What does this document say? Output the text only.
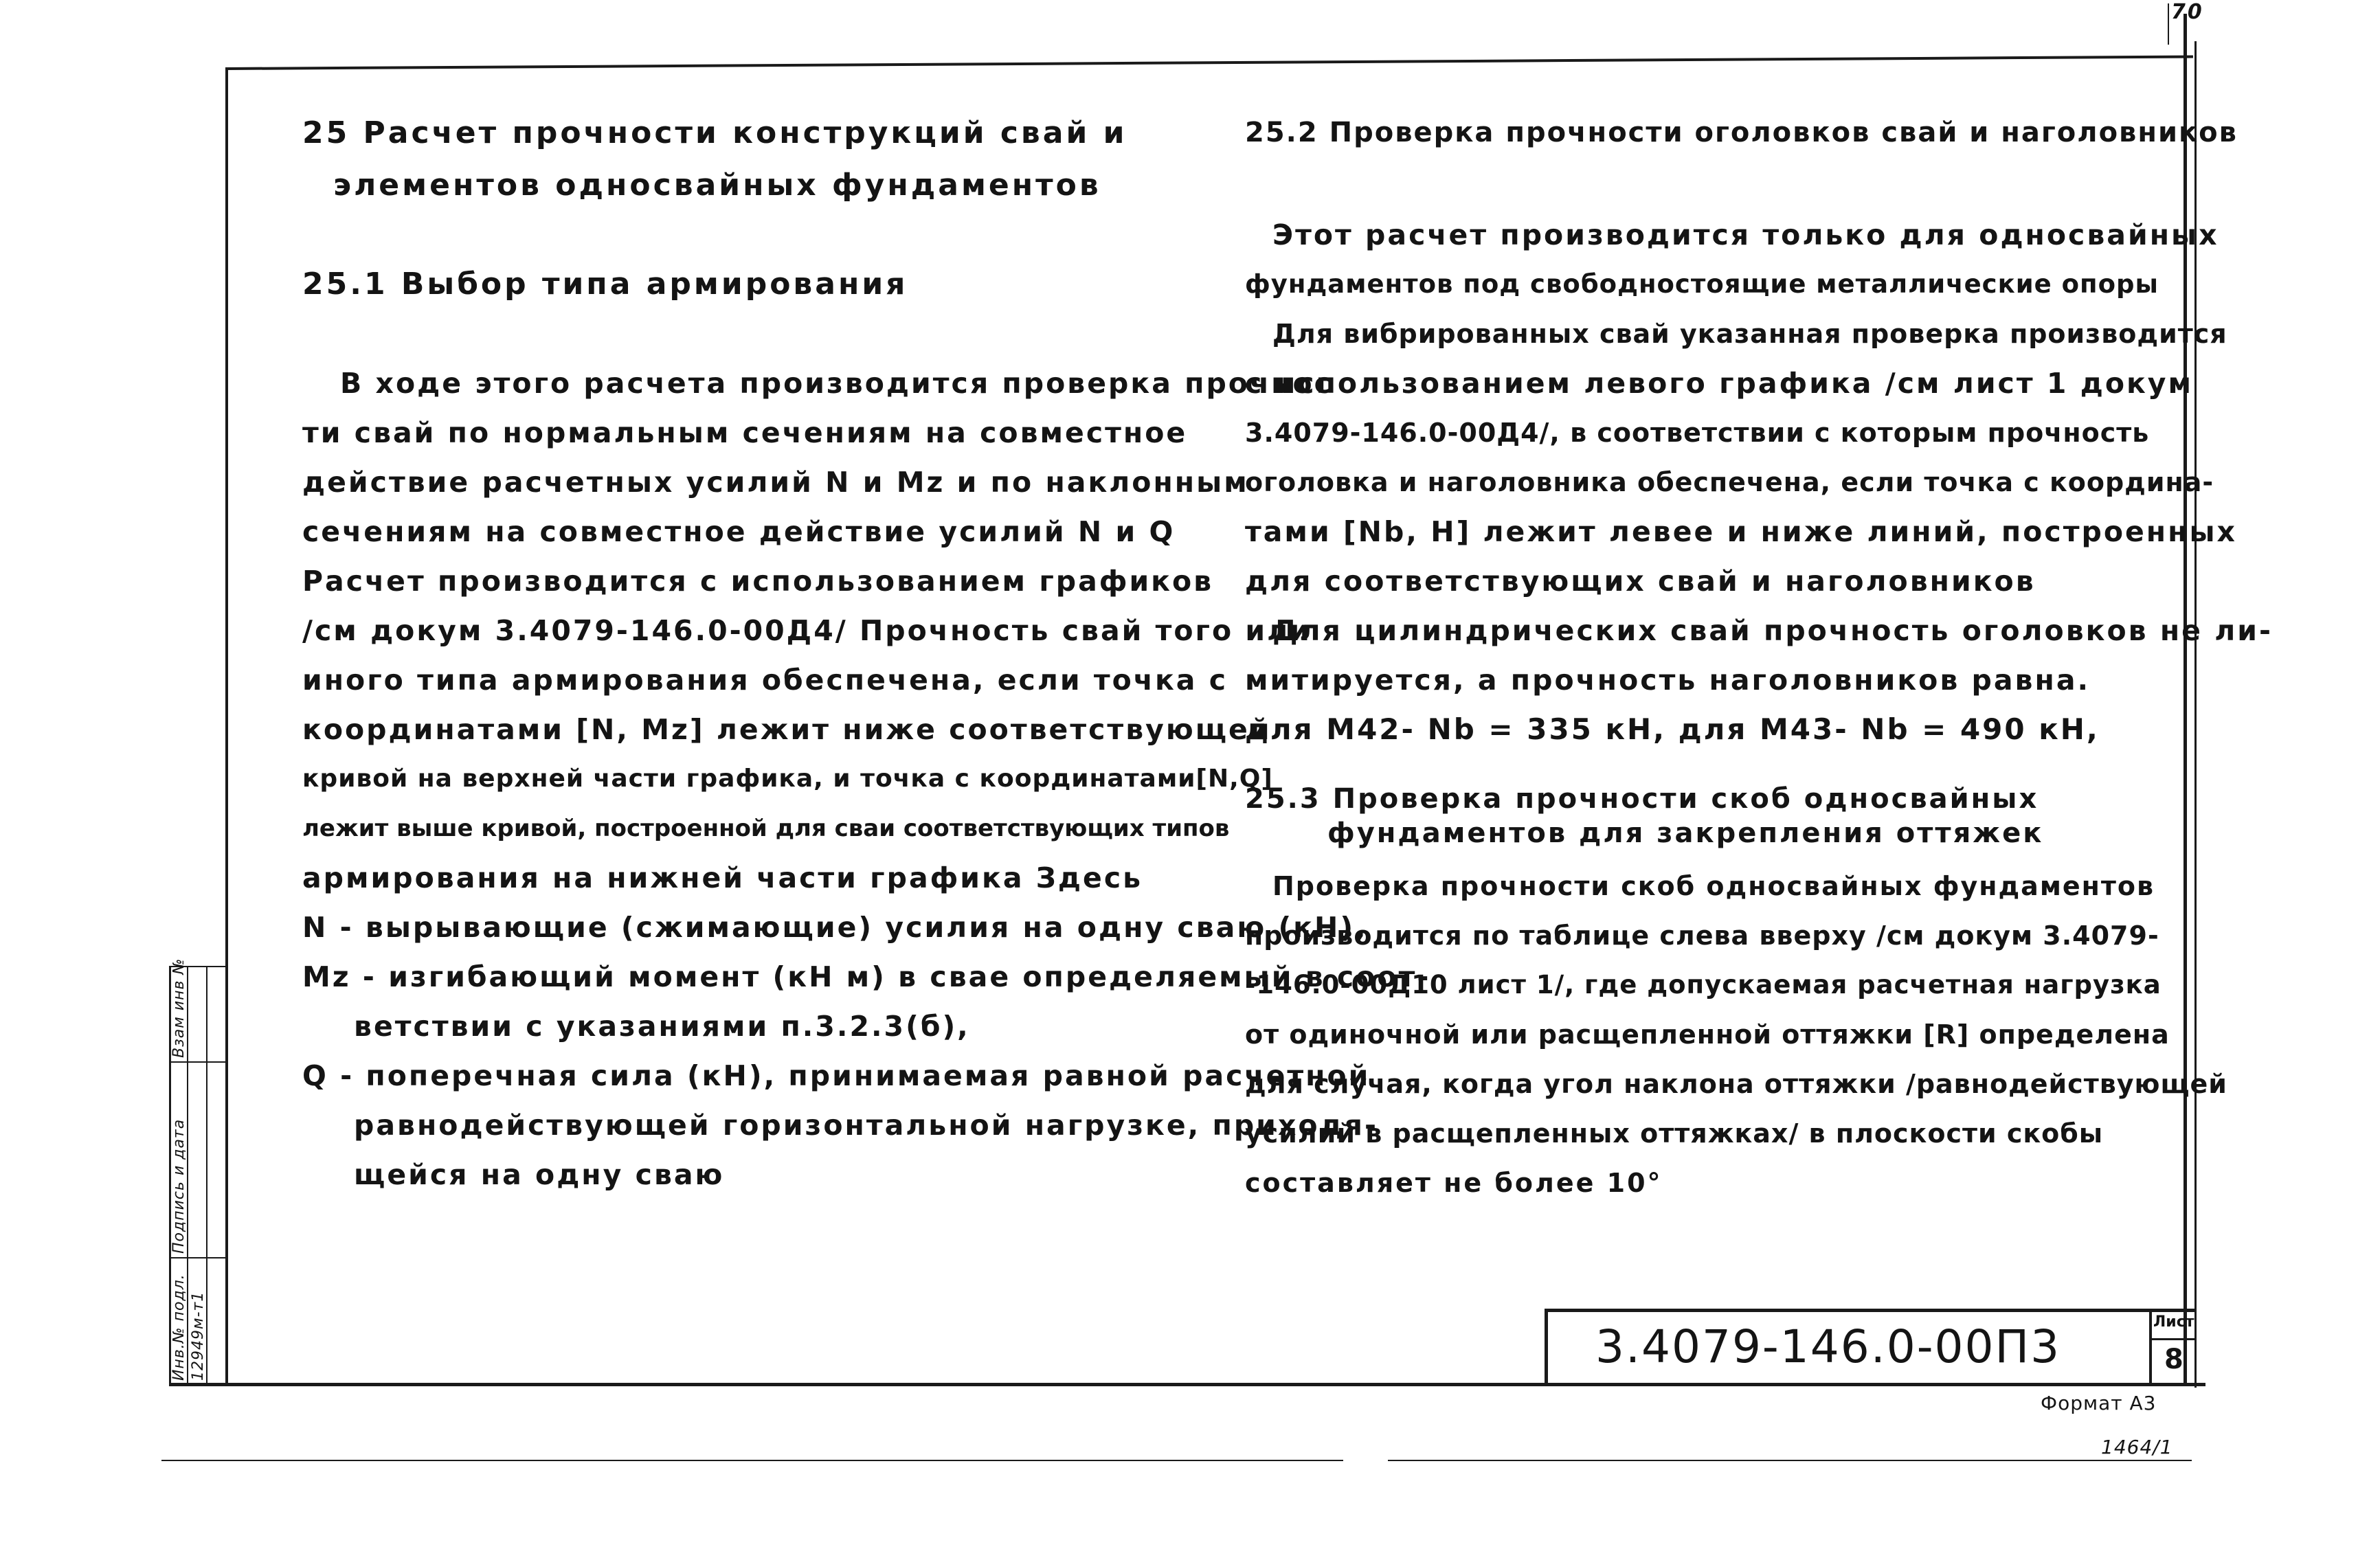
70
Инв.№ подл.
Подпись и дата
Взам инв №
12949м-т1
25 Расчет прочности конструкций свай и
элементов односвайных фундаментов
25.1 Выбор типа армирования
В ходе этого расчета производится проверка прочнос
ти свай по нормальным сечениям на совместное
действие расчетных усилий N и Mz и по наклонным
сечениям на совместное действие усилий N и Q
Расчет производится с использованием графиков
/см докум 3.4079-146.0-00Д4/ Прочность свай того или
иного типа армирования обеспечена, если точка с
координатами [N, Mz] лежит ниже соответствующей
кривой на верхней части графика, и точка с координатами[N,Q]
лежит выше кривой, построенной для сваи соответствующих типов
армирования на нижней части графика Здесь
N - вырывающие (сжимающие) усилия на одну сваю (кН),
Mz - изгибающий момент (кН м) в сваe определяемый в соот-
ветствии с указаниями п.3.2.3(б),
Q - поперечная сила (кН), принимаемая равной расчетной
равнодействующей горизонтальной нагрузке, приходя-
щейся на одну сваю
25.2 Проверка прочности оголовков свай и наголовников
Этот расчет производится только для односвайных
фундаментов под свободностоящие металлические опоры
Для вибрированных свай указанная проверка производится
с использованием левого графика /см лист 1 докум
3.4079-146.0-00Д4/, в соответствии с которым прочность
оголовка и наголовника обеспечена, если точка с координа-
тами [Nb, H] лежит левее и ниже линий, построенных
для соответствующих свай и наголовников
Для цилиндрических свай прочность оголовков не ли-
митируется, а прочность наголовников равна.
для М42- Nb = 335 кН, для М43- Nb = 490 кН,
25.3 Проверка прочности скоб односвайных
фундаментов для закрепления оттяжек
Проверка прочности скоб односвайных фундаментов
производится по таблице слева вверху /см докум 3.4079-
-146.0-00Д10 лист 1/, где допускаемая расчетная нагрузка
от одиночной или расщепленной оттяжки [R] определена
для случая, когда угол наклона оттяжки /равнодействующей
усилий в расщепленных оттяжках/ в плоскости скобы
составляет не более 10°
3.4079-146.0-00П3	Лист
8
Формат А3
1464/1
